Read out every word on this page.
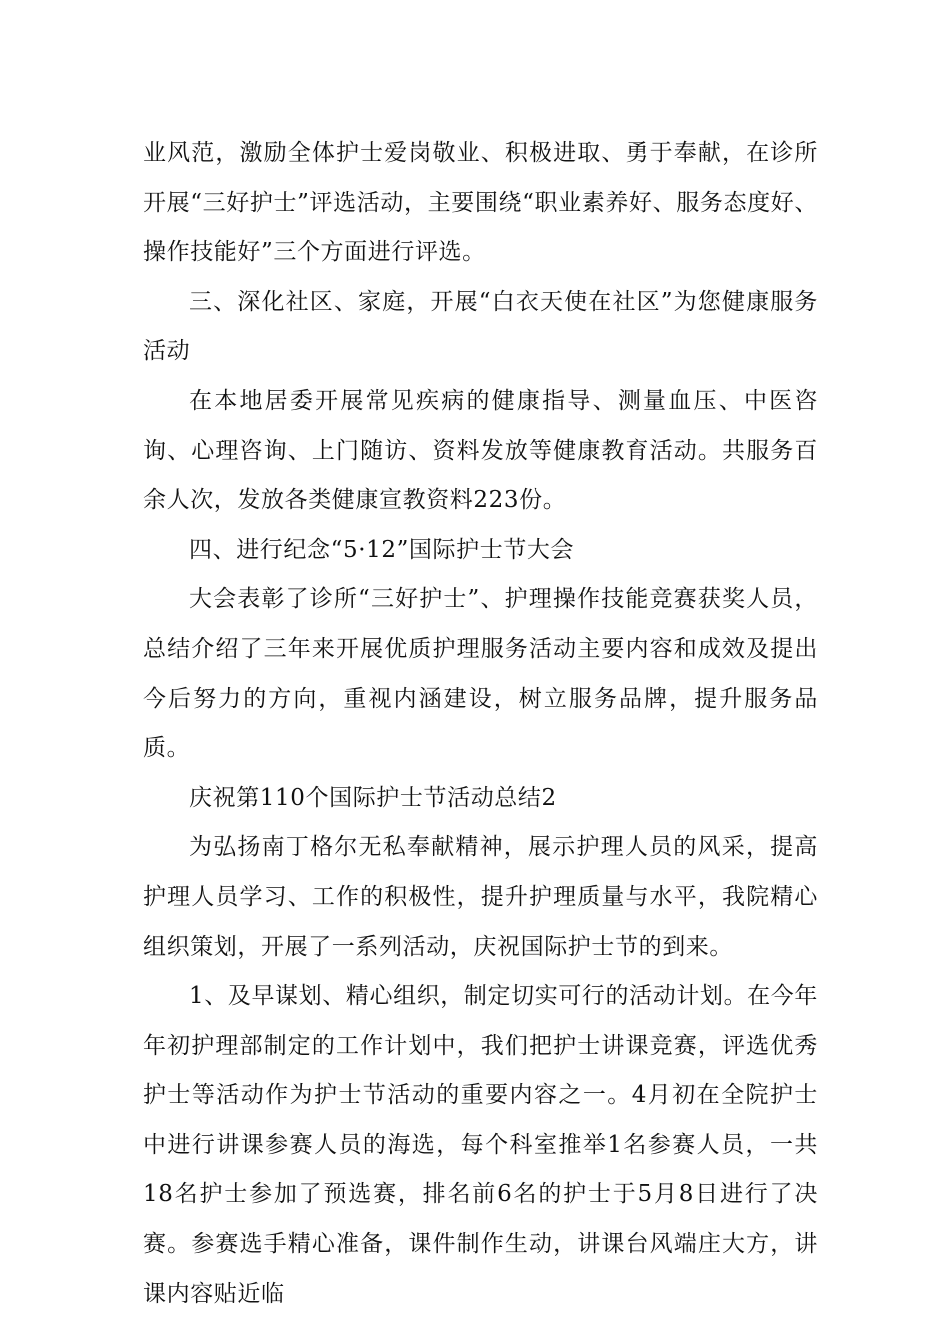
业风范，激励全体护士爱岗敬业、积极进取、勇于奉献，在诊所开展“三好护士”评选活动，主要围绕“职业素养好、服务态度好、操作技能好”三个方面进行评选。

三、深化社区、家庭，开展“白衣天使在社区”为您健康服务活动

在本地居委开展常见疾病的健康指导、测量血压、中医咨询、心理咨询、上门随访、资料发放等健康教育活动。共服务百余人次，发放各类健康宣教资料223份。

四、进行纪念“5·12”国际护士节大会

大会表彰了诊所“三好护士”、护理操作技能竞赛获奖人员，总结介绍了三年来开展优质护理服务活动主要内容和成效及提出今后努力的方向，重视内涵建设，树立服务品牌，提升服务品质。

庆祝第110个国际护士节活动总结2

为弘扬南丁格尔无私奉献精神，展示护理人员的风采，提高护理人员学习、工作的积极性，提升护理质量与水平，我院精心组织策划，开展了一系列活动，庆祝国际护士节的到来。

1、及早谋划、精心组织，制定切实可行的活动计划。在今年年初护理部制定的工作计划中，我们把护士讲课竞赛，评选优秀护士等活动作为护士节活动的重要内容之一。4月初在全院护士中进行讲课参赛人员的海选，每个科室推举1名参赛人员，一共18名护士参加了预选赛，排名前6名的护士于5月8日进行了决赛。参赛选手精心准备，课件制作生动，讲课台风端庄大方，讲课内容贴近临
